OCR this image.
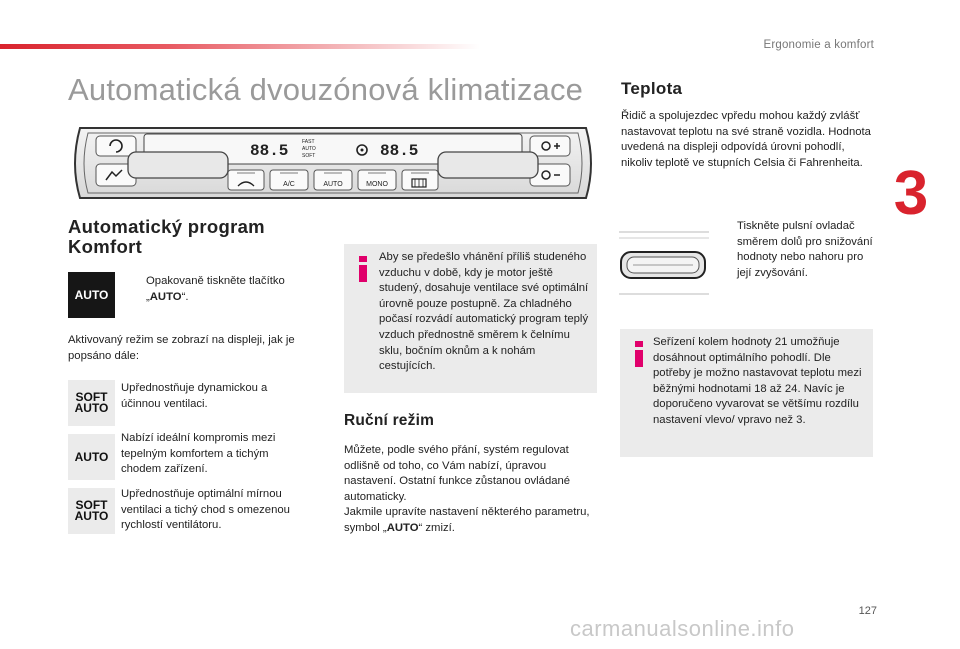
Ergonomie a komfort
3
Automatická dvouzónová klimatizace
88.5	88.5
FAST
AUTO
SOFT
A/C	AUTO	MONO
Automatický program
Komfort
AUTO
Opakovaně tiskněte tlačítko „AUTO“.
Aktivovaný režim se zobrazí na displeji, jak je popsáno dále:
SOFT
AUTO
Upřednostňuje dynamickou a účinnou ventilaci.
AUTO
Nabízí ideální kompromis mezi tepelným komfortem a tichým chodem zařízení.
SOFT
AUTO
Upřednostňuje optimální mírnou ventilaci a tichý chod s omezenou rychlostí ventilátoru.
Aby se předešlo vhánění příliš studeného vzduchu v době, kdy je motor ještě studený, dosahuje ventilace své optimální úrovně pouze postupně. Za chladného počasí rozvádí automatický program teplý vzduch přednostně směrem k čelnímu sklu, bočním oknům a k nohám cestujících.
Ruční režim
Můžete, podle svého přání, systém regulovat odlišně od toho, co Vám nabízí, úpravou nastavení. Ostatní funkce zůstanou ovládané automaticky.
Jakmile upravíte nastavení některého parametru, symbol „AUTO“ zmizí.
Teplota
Řidič a spolujezdec vpředu mohou každý zvlášť nastavovat teplotu na své straně vozidla. Hodnota uvedená na displeji odpovídá úrovni pohodlí, nikoliv teplotě ve stupních Celsia či Fahrenheita.
Tiskněte pulsní ovladač směrem dolů pro snižování hodnoty nebo nahoru pro její zvyšování.
Seřízení kolem hodnoty 21 umožňuje dosáhnout optimálního pohodlí. Dle potřeby je možno nastavovat teplotu mezi běžnými hodnotami 18 až 24. Navíc je doporučeno vyvarovat se většímu rozdílu nastavení vlevo/ vpravo než 3.
127
carmanualsonline.info
